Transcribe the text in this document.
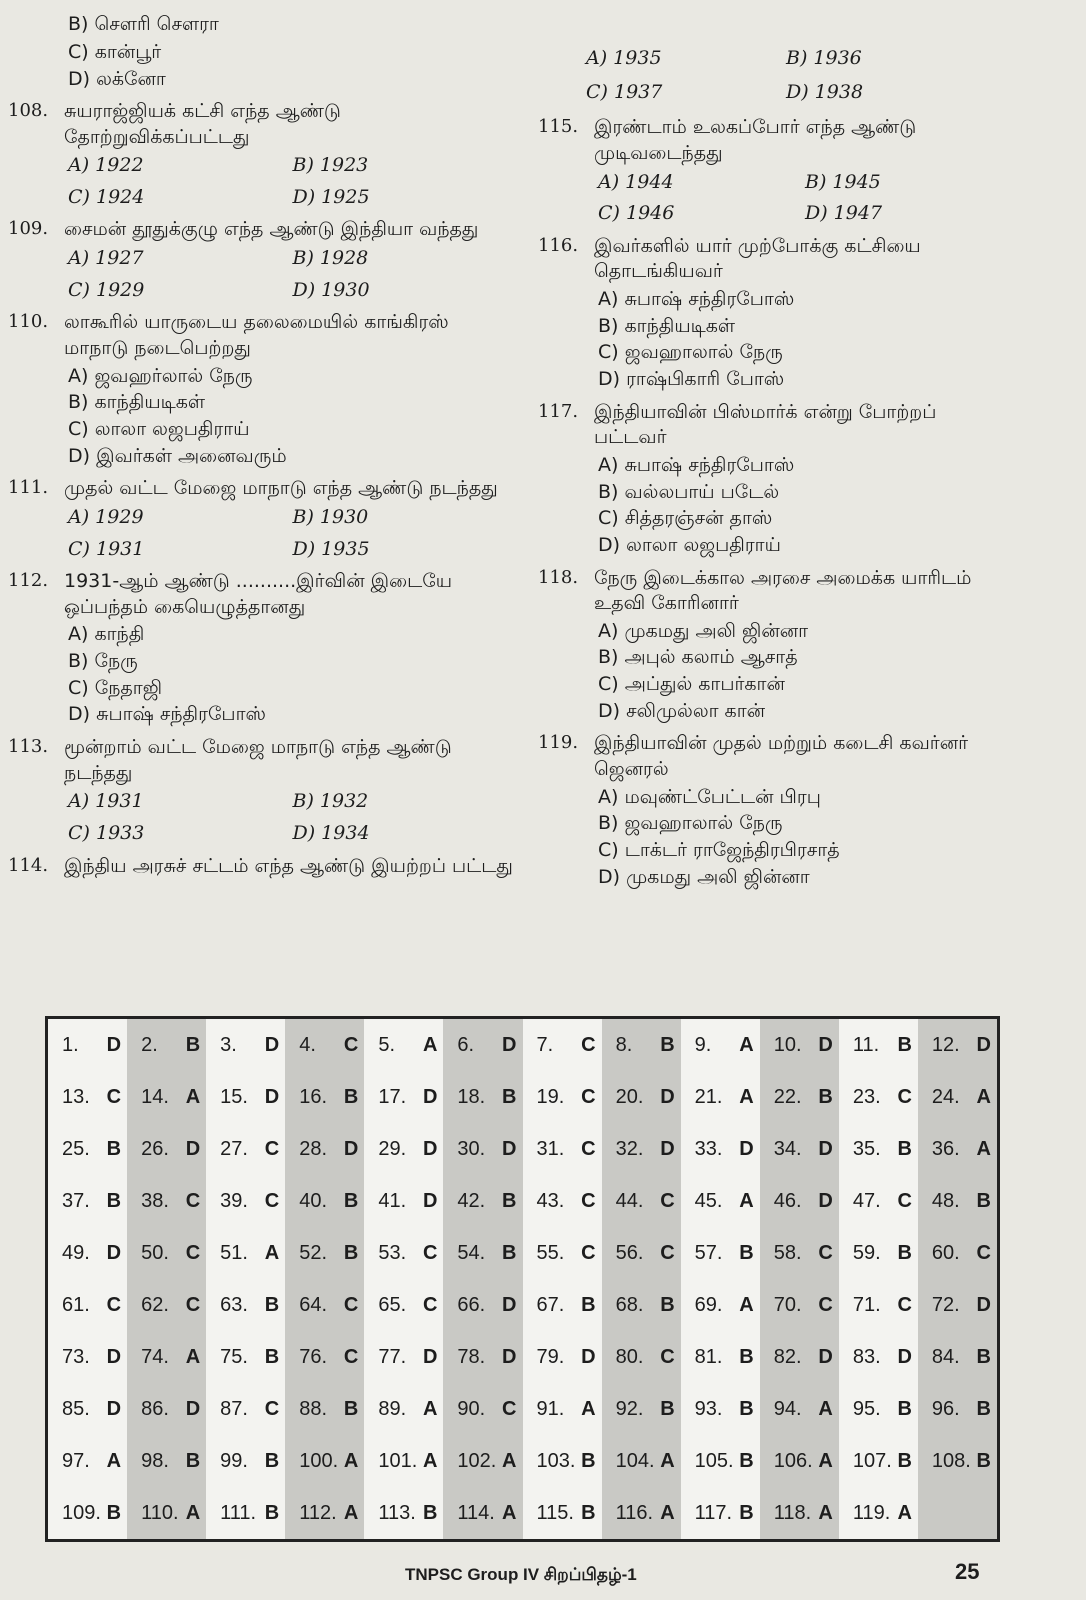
B) சௌரி சௌரா
C) கான்பூர்
D) லக்னோ
108. சுயராஜ்ஜியக் கட்சி எந்த ஆண்டு தோற்றுவிக்கப்பட்டது
A) 1922	B) 1923
C) 1924	D) 1925
109. சைமன் தூதுக்குழு எந்த ஆண்டு இந்தியா வந்தது
A) 1927	B) 1928
C) 1929	D) 1930
110. லாகூரில் யாருடைய தலைமையில் காங்கிரஸ் மாநாடு நடைபெற்றது
A) ஜவஹர்லால் நேரு
B) காந்தியடிகள்
C) லாலா லஜபதிராய்
D) இவர்கள் அனைவரும்
111. முதல் வட்ட மேஜை மாநாடு எந்த ஆண்டு நடந்தது
A) 1929	B) 1930
C) 1931	D) 1935
112. 1931-ஆம் ஆண்டு ..........இர்வின் இடையே ஒப்பந்தம் கையெழுத்தானது
A) காந்தி
B) நேரு
C) நேதாஜி
D) சுபாஷ் சந்திரபோஸ்
113. மூன்றாம் வட்ட மேஜை மாநாடு எந்த ஆண்டு நடந்தது
A) 1931	B) 1932
C) 1933	D) 1934
114. இந்திய அரசுச் சட்டம் எந்த ஆண்டு இயற்றப் பட்டது
A) 1935	B) 1936
C) 1937	D) 1938
115. இரண்டாம் உலகப்போர் எந்த ஆண்டு முடிவடைந்தது
A) 1944	B) 1945
C) 1946	D) 1947
116. இவர்களில் யார் முற்போக்கு கட்சியை தொடங்கியவர்
A) சுபாஷ் சந்திரபோஸ்
B) காந்தியடிகள்
C) ஜவஹாலால் நேரு
D) ராஷ்பிகாரி போஸ்
117. இந்தியாவின் பிஸ்மார்க் என்று போற்றப் பட்டவர்
A) சுபாஷ் சந்திரபோஸ்
B) வல்லபாய் படேல்
C) சித்தரஞ்சன் தாஸ்
D) லாலா லஜபதிராய்
118. நேரு இடைக்கால அரசை அமைக்க யாரிடம் உதவி கோரினார்
A) முகமது அலி ஜின்னா
B) அபுல் கலாம் ஆசாத்
C) அப்துல் காபர்கான்
D) சலிமுல்லா கான்
119. இந்தியாவின் முதல் மற்றும் கடைசி கவர்னர் ஜெனரல்
A) மவுண்ட்பேட்டன் பிரபு
B) ஜவஹாலால் நேரு
C) டாக்டர் ராஜேந்திரபிரசாத்
D) முகமது அலி ஜின்னா
1. D 2. B 3. D 4. C 5. A 6. D 7. C 8. B 9. A 10. D 11. B 12. D
13. C 14. A 15. D 16. B 17. D 18. B 19. C 20. D 21. A 22. B 23. C 24. A
25. B 26. D 27. C 28. D 29. D 30. D 31. C 32. D 33. D 34. D 35. B 36. A
37. B 38. C 39. C 40. B 41. D 42. B 43. C 44. C 45. A 46. D 47. C 48. B
49. D 50. C 51. A 52. B 53. C 54. B 55. C 56. C 57. B 58. C 59. B 60. C
61. C 62. C 63. B 64. C 65. C 66. D 67. B 68. B 69. A 70. C 71. C 72. D
73. D 74. A 75. B 76. C 77. D 78. D 79. D 80. C 81. B 82. D 83. D 84. B
85. D 86. D 87. C 88. B 89. A 90. C 91. A 92. B 93. B 94. A 95. B 96. B
97. A 98. B 99. B 100. A 101. A 102. A 103. B 104. A 105. B 106. A 107. B 108. B
109. B 110. A 111. B 112. A 113. B 114. A 115. B 116. A 117. B 118. A 119. A
TNPSC Group IV சிறப்பிதழ்-1	25
